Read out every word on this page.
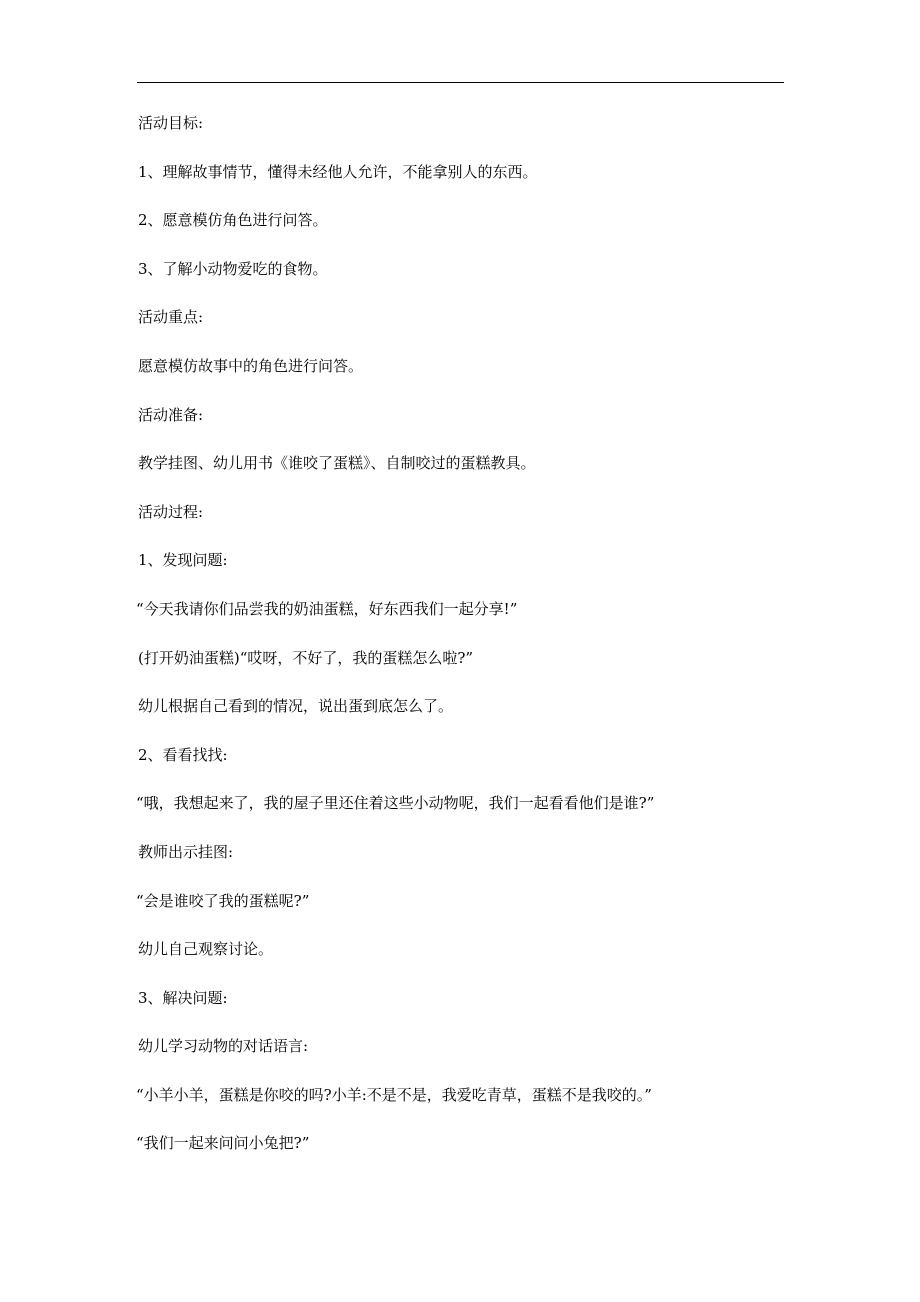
活动目标:
1、理解故事情节，懂得未经他人允许，不能拿别人的东西。
2、愿意模仿角色进行问答。
3、了解小动物爱吃的食物。
活动重点:
愿意模仿故事中的角色进行问答。
活动准备:
教学挂图、幼儿用书《谁咬了蛋糕》、自制咬过的蛋糕教具。
活动过程:
1、发现问题:
“今天我请你们品尝我的奶油蛋糕，好东西我们一起分享!”
(打开奶油蛋糕)“哎呀，不好了，我的蛋糕怎么啦?”
幼儿根据自己看到的情况，说出蛋到底怎么了。
2、看看找找:
“哦，我想起来了，我的屋子里还住着这些小动物呢，我们一起看看他们是谁?”
教师出示挂图:
“会是谁咬了我的蛋糕呢?”
幼儿自己观察讨论。
3、解决问题:
幼儿学习动物的对话语言:
“小羊小羊，蛋糕是你咬的吗?小羊:不是不是，我爱吃青草，蛋糕不是我咬的。”
“我们一起来问问小兔把?”
